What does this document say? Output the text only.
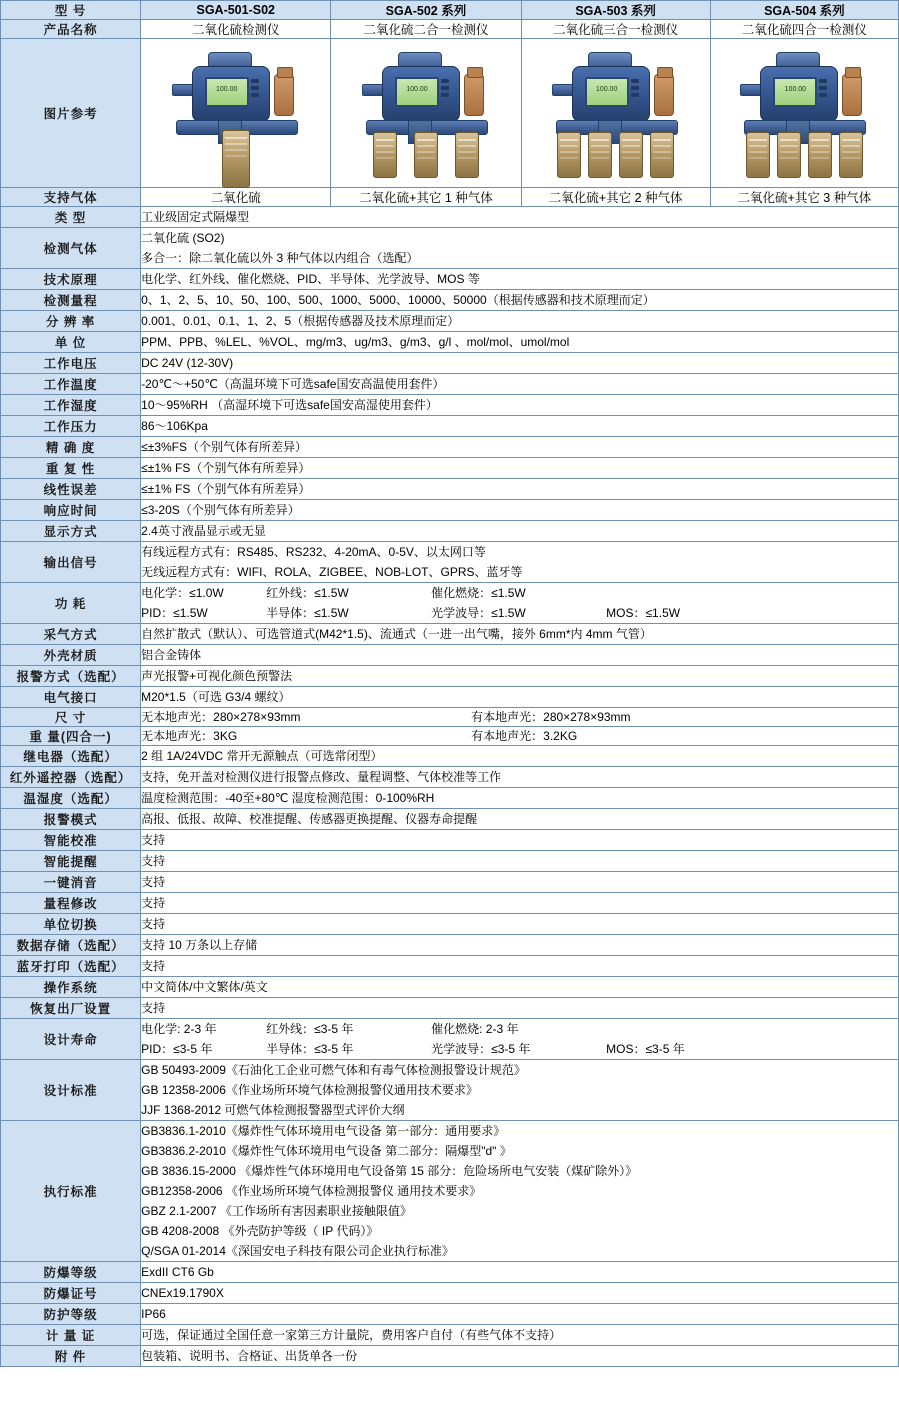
型 号	SGA-501-S02	SGA-502 系列	SGA-503 系列	SGA-504 系列
产品名称	二氧化硫检测仪	二氧化硫二合一检测仪	二氧化硫三合一检测仪	二氧化硫四合一检测仪
图片参考	100.00	100.00	100.00	100.00

支持气体	二氧化硫	二氧化硫+其它 1 种气体	二氧化硫+其它 2 种气体	二氧化硫+其它 3 种气体
类 型	工业级固定式隔爆型			

检测气体	二氧化硫 (SO2)
多合一：除二氧化硫以外 3 种气体以内组合（选配）			

技术原理	电化学、红外线、催化燃烧、PID、半导体、光学波导、MOS 等			

检测量程	0、1、2、5、10、50、100、500、1000、5000、10000、50000（根据传感器和技术原理而定）			

分 辨 率	0.001、0.01、0.1、1、2、5（根据传感器及技术原理而定）			

单 位	PPM、PPB、%LEL、%VOL、mg/m3、ug/m3、g/m3、g/l 、mol/mol、umol/mol			

工作电压	DC 24V (12-30V)			

工作温度	-20℃～+50℃（高温环境下可选safe国安高温使用套件）			

工作湿度	10～95%RH （高湿环境下可选safe国安高湿使用套件）			

工作压力	86～106Kpa			

精 确 度	≤±3%FS（个别气体有所差异）			

重 复 性	≤±1% FS（个别气体有所差异）			

线性误差	≤±1% FS（个别气体有所差异）			

响应时间	≤3-20S（个别气体有所差异）			

显示方式	2.4英寸液晶显示或无显			

输出信号	有线远程方式有：RS485、RS232、4-20mA、0-5V、以太网口等
无线远程方式有：WIFI、ROLA、ZIGBEE、NOB-LOT、GPRS、蓝牙等			

功 耗	
电化学：≤1.0W	红外线：≤1.5W	催化燃烧：≤1.5W
PID：≤1.5W	半导体：≤1.5W	光学波导：≤1.5W	MOS：≤1.5W

采气方式	自然扩散式（默认）、可选管道式(M42*1.5)、流通式（一进一出气嘴，接外 6mm*内 4mm 气管）			

外壳材质	铝合金铸体			

报警方式（选配）	声光报警+可视化颜色预警法			

电气接口	M20*1.5（可选 G3/4 螺纹）			

尺 寸	无本地声光：280×278×93mm 有本地声光：280×278×93mm			

重 量(四合一)	无本地声光：3KG 有本地声光：3.2KG			

继电器（选配）	2 组 1A/24VDC 常开无源触点（可选常闭型）			

红外遥控器（选配）	支持，免开盖对检测仪进行报警点修改、量程调整、气体校准等工作			

温湿度（选配）	温度检测范围：-40至+80℃ 湿度检测范围：0-100%RH			

报警模式	高报、低报、故障、校准提醒、传感器更换提醒、仪器寿命提醒			

智能校准	支持			

智能提醒	支持			

一键消音	支持			

量程修改	支持			

单位切换	支持			

数据存储（选配）	支持 10 万条以上存储			

蓝牙打印（选配）	支持			

操作系统	中文简体/中文繁体/英文			

恢复出厂设置	支持			

设计寿命	
电化学: 2-3 年	红外线：≤3-5 年	催化燃烧: 2-3 年
PID：≤3-5 年	半导体：≤3-5 年	光学波导：≤3-5 年	MOS：≤3-5 年

设计标准	GB 50493-2009《石油化工企业可燃气体和有毒气体检测报警设计规范》
GB 12358-2006《作业场所环境气体检测报警仪通用技术要求》
JJF 1368-2012 可燃气体检测报警器型式评价大纲			

执行标准	
GB3836.1-2010《爆炸性气体环境用电气设备 第一部分：通用要求》
GB3836.2-2010《爆炸性气体环境用电气设备 第二部分：隔爆型"d" 》
GB 3836.15-2000 《爆炸性气体环境用电气设备第 15 部分：危险场所电气安装（煤矿除外）》
GB12358-2006 《作业场所环境气体检测报警仪 通用技术要求》
GBZ 2.1-2007 《工作场所有害因素职业接触限值》
GB 4208-2008 《外壳防护等级（ IP 代码）》
Q/SGA 01-2014《深国安电子科技有限公司企业执行标准》

防爆等级	ExdII CT6 Gb			

防爆证号	CNEx19.1790X			

防护等级	IP66			

计 量 证	可选，保证通过全国任意一家第三方计量院，费用客户自付（有些气体不支持）			

附 件	包装箱、说明书、合格证、出货单各一份			
